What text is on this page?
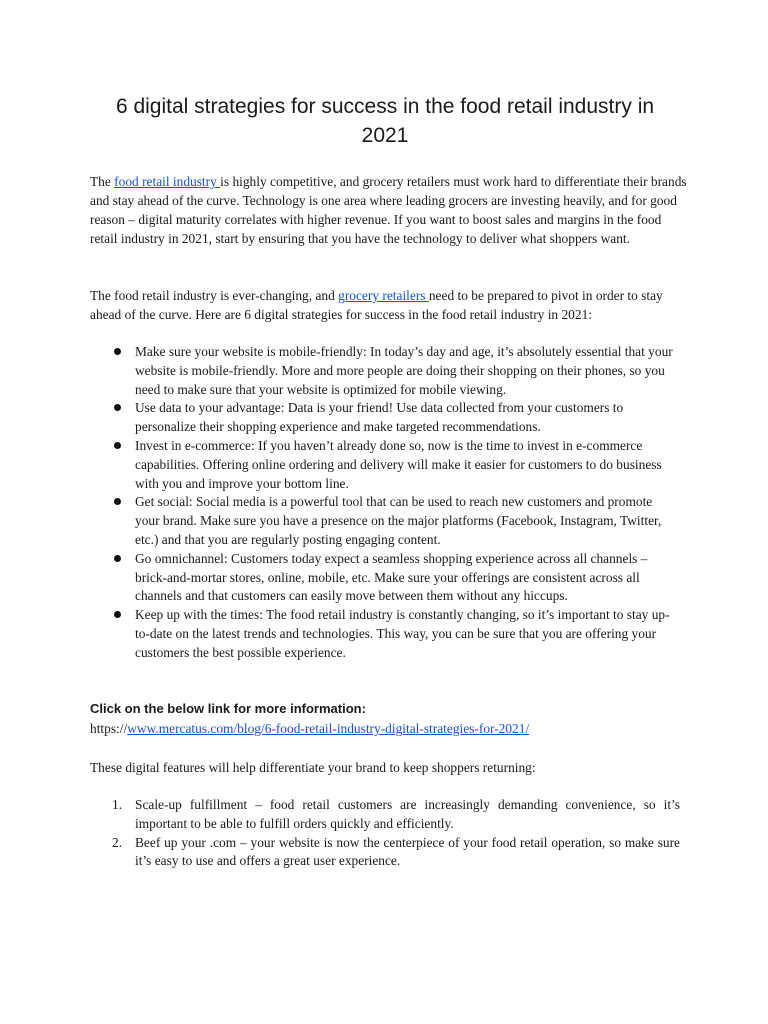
6 digital strategies for success in the food retail industry in 2021

The food retail industry is highly competitive, and grocery retailers must work hard to differentiate their brands and stay ahead of the curve. Technology is one area where leading grocers are investing heavily, and for good reason – digital maturity correlates with higher revenue. If you want to boost sales and margins in the food retail industry in 2021, start by ensuring that you have the technology to deliver what shoppers want.

The food retail industry is ever-changing, and grocery retailers need to be prepared to pivot in order to stay ahead of the curve. Here are 6 digital strategies for success in the food retail industry in 2021:

Make sure your website is mobile-friendly: In today’s day and age, it’s absolutely essential that your website is mobile-friendly. More and more people are doing their shopping on their phones, so you need to make sure that your website is optimized for mobile viewing.
Use data to your advantage: Data is your friend! Use data collected from your customers to personalize their shopping experience and make targeted recommendations.
Invest in e-commerce: If you haven’t already done so, now is the time to invest in e-commerce capabilities. Offering online ordering and delivery will make it easier for customers to do business with you and improve your bottom line.
Get social: Social media is a powerful tool that can be used to reach new customers and promote your brand. Make sure you have a presence on the major platforms (Facebook, Instagram, Twitter, etc.) and that you are regularly posting engaging content.
Go omnichannel: Customers today expect a seamless shopping experience across all channels – brick-and-mortar stores, online, mobile, etc. Make sure your offerings are consistent across all channels and that customers can easily move between them without any hiccups.
Keep up with the times: The food retail industry is constantly changing, so it’s important to stay up-to-date on the latest trends and technologies. This way, you can be sure that you are offering your customers the best possible experience.

Click on the below link for more information:

https://www.mercatus.com/blog/6-food-retail-industry-digital-strategies-for-2021/

These digital features will help differentiate your brand to keep shoppers returning:

1. Scale-up fulfillment – food retail customers are increasingly demanding convenience, so it’s important to be able to fulfill orders quickly and efficiently.
2. Beef up your .com – your website is now the centerpiece of your food retail operation, so make sure it’s easy to use and offers a great user experience.
